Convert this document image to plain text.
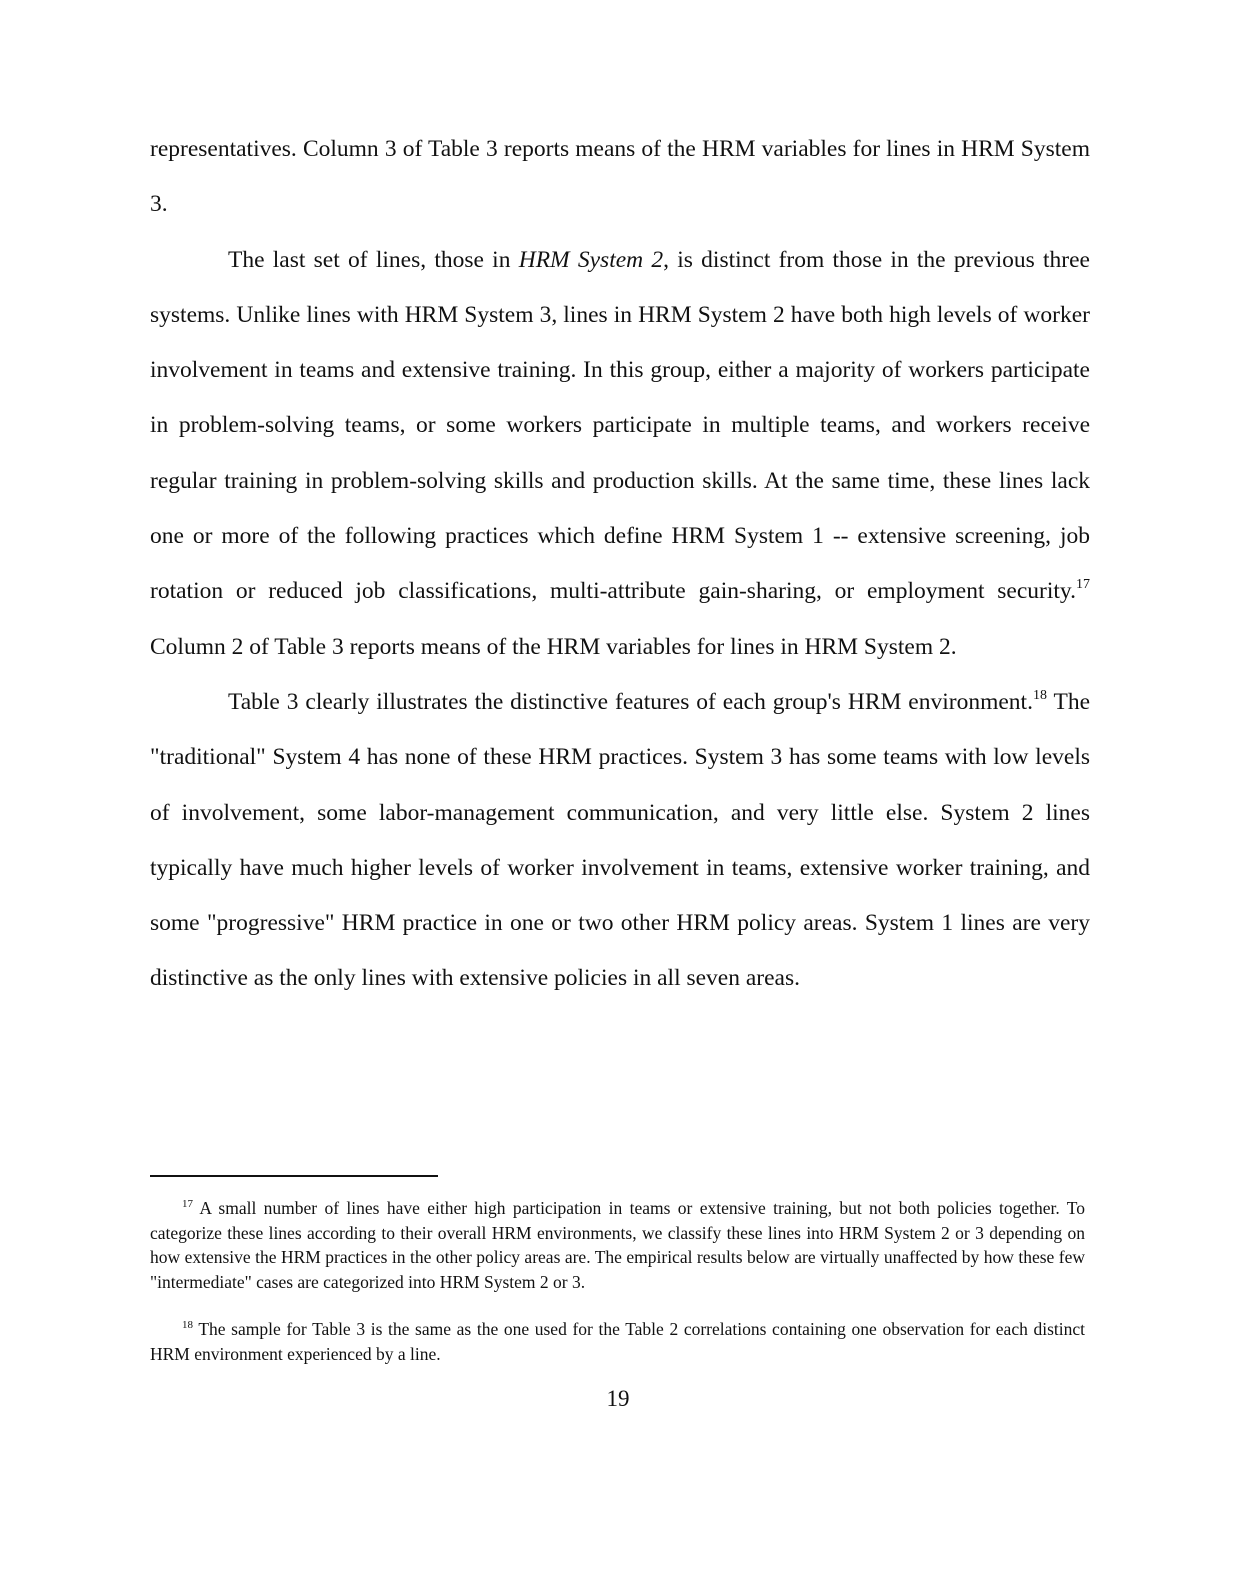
representatives. Column 3 of Table 3 reports means of the HRM variables for lines in HRM System 3.

The last set of lines, those in HRM System 2, is distinct from those in the previous three systems. Unlike lines with HRM System 3, lines in HRM System 2 have both high levels of worker involvement in teams and extensive training. In this group, either a majority of workers participate in problem-solving teams, or some workers participate in multiple teams, and workers receive regular training in problem-solving skills and production skills. At the same time, these lines lack one or more of the following practices which define HRM System 1 -- extensive screening, job rotation or reduced job classifications, multi-attribute gain-sharing, or employment security.$^{17}$ Column 2 of Table 3 reports means of the HRM variables for lines in HRM System 2.

Table 3 clearly illustrates the distinctive features of each group's HRM environment.$^{18}$ The "traditional" System 4 has none of these HRM practices. System 3 has some teams with low levels of involvement, some labor-management communication, and very little else. System 2 lines typically have much higher levels of worker involvement in teams, extensive worker training, and some "progressive" HRM practice in one or two other HRM policy areas. System 1 lines are very distinctive as the only lines with extensive policies in all seven areas.

$^{17}$ A small number of lines have either high participation in teams or extensive training, but not both policies together. To categorize these lines according to their overall HRM environments, we classify these lines into HRM System 2 or 3 depending on how extensive the HRM practices in the other policy areas are. The empirical results below are virtually unaffected by how these few "intermediate" cases are categorized into HRM System 2 or 3.

$^{18}$ The sample for Table 3 is the same as the one used for the Table 2 correlations containing one observation for each distinct HRM environment experienced by a line.

19
